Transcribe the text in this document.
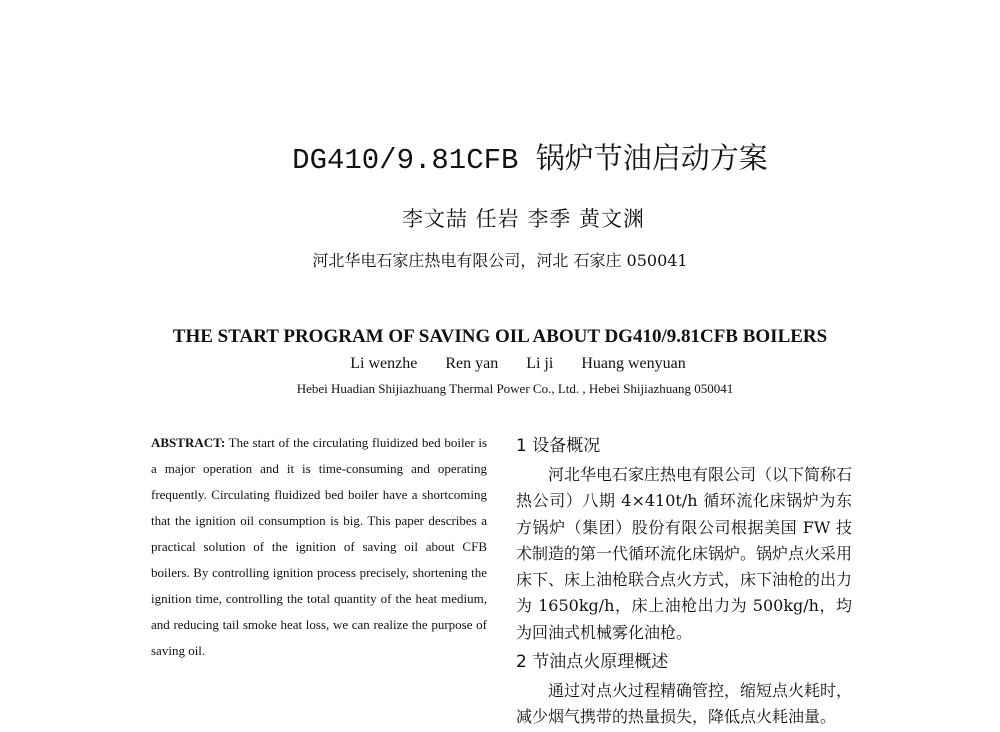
DG410/9.81CFB 锅炉节油启动方案
李文喆 任岩 李季 黄文渊
河北华电石家庄热电有限公司，河北 石家庄 050041
THE START PROGRAM OF SAVING OIL ABOUT DG410/9.81CFB BOILERS
Li wenzhe Ren yan Li ji Huang wenyuan
Hebei Huadian Shijiazhuang Thermal Power Co., Ltd. , Hebei Shijiazhuang 050041
ABSTRACT: The start of the circulating fluidized bed boiler is a major operation and it is time-consuming and operating frequently. Circulating fluidized bed boiler have a shortcoming that the ignition oil consumption is big. This paper describes a practical solution of the ignition of saving oil about CFB boilers. By controlling ignition process precisely, shortening the ignition time, controlling the total quantity of the heat medium, and reducing tail smoke heat loss, we can realize the purpose of saving oil.
1 设备概况

河北华电石家庄热电有限公司（以下简称石热公司）八期 4×410t/h 循环流化床锅炉为东方锅炉（集团）股份有限公司根据美国 FW 技术制造的第一代循环流化床锅炉。锅炉点火采用床下、床上油枪联合点火方式，床下油枪的出力为 1650kg/h，床上油枪出力为 500kg/h，均为回油式机械雾化油枪。

2 节油点火原理概述

通过对点火过程精确管控，缩短点火耗时，减少烟气携带的热量损失，降低点火耗油量。
